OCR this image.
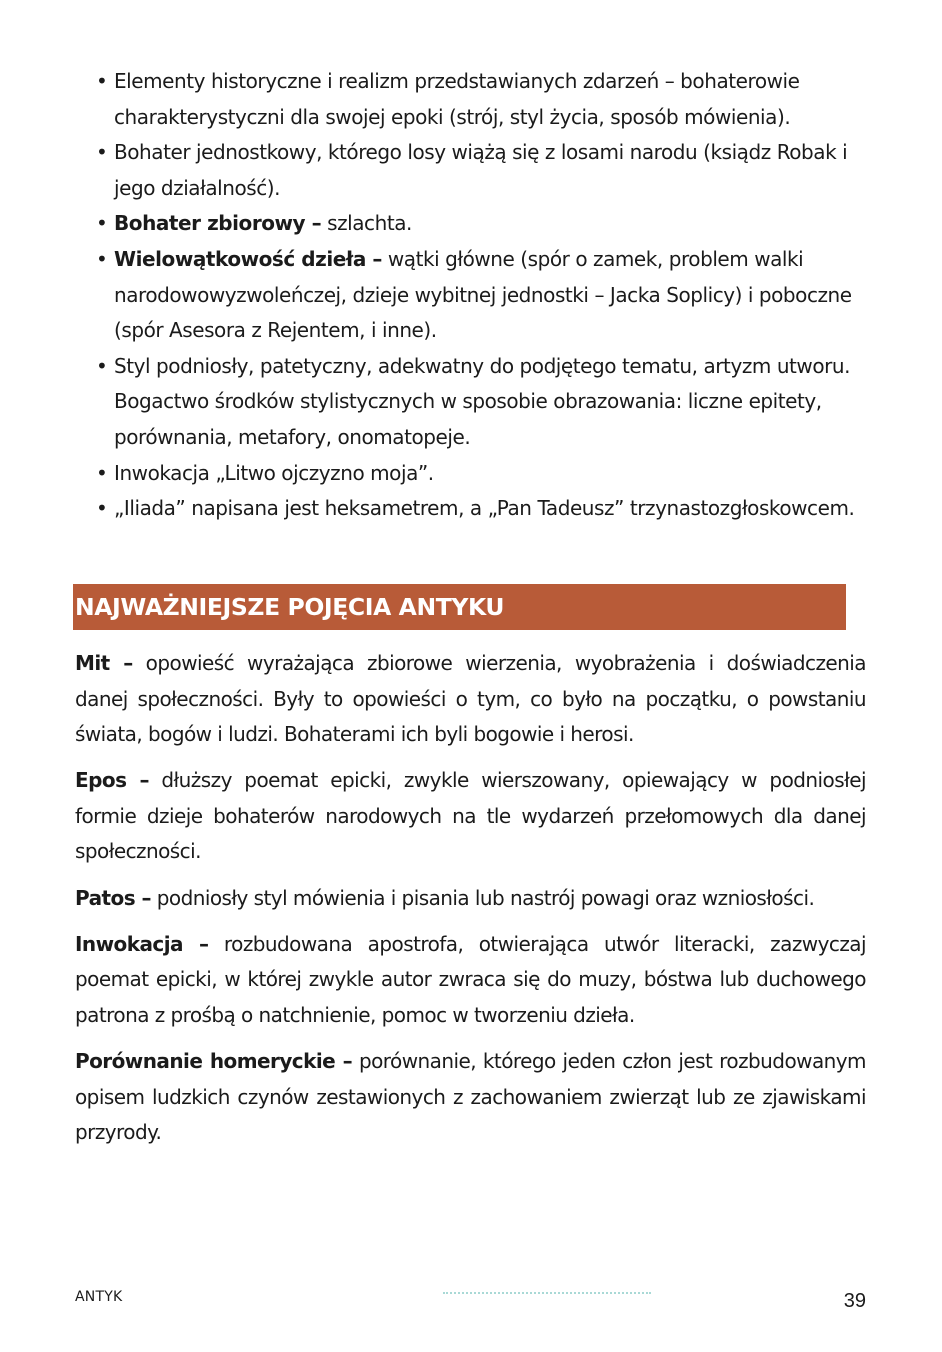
• Elementy historyczne i realizm przedstawianych zdarzeń – bohaterowie charakterystyczni dla swojej epoki (strój, styl życia, sposób mówienia).
• Bohater jednostkowy, którego losy wiążą się z losami narodu (ksiądz Robak i jego działalność).
• Bohater zbiorowy – szlachta.
• Wielowątkowość dzieła – wątki główne (spór o zamek, problem walki narodowowyzwoleńczej, dzieje wybitnej jednostki – Jacka Soplicy) i poboczne (spór Asesora z Rejentem, i inne).
• Styl podniosły, patetyczny, adekwatny do podjętego tematu, artyzm utworu. Bogactwo środków stylistycznych w sposobie obrazowania: liczne epitety, porównania, metafory, onomatopeje.
• Inwokacja „Litwo ojczyzno moja”.
• „Iliada” napisana jest heksametrem, a „Pan Tadeusz” trzynastozgłoskowcem.
NAJWAŻNIEJSZE POJĘCIA ANTYKU

Mit – opowieść wyrażająca zbiorowe wierzenia, wyobrażenia i doświadczenia danej społeczności. Były to opowieści o tym, co było na początku, o powstaniu świata, bogów i ludzi. Bohaterami ich byli bogowie i herosi.

Epos – dłuższy poemat epicki, zwykle wierszowany, opiewający w podniosłej formie dzieje bohaterów narodowych na tle wydarzeń przełomowych dla danej społeczności.

Patos – podniosły styl mówienia i pisania lub nastrój powagi oraz wzniosłości.

Inwokacja – rozbudowana apostrofa, otwierająca utwór literacki, zazwyczaj poemat epicki, w której zwykle autor zwraca się do muzy, bóstwa lub duchowego patrona z prośbą o natchnienie, pomoc w tworzeniu dzieła.

Porównanie homeryckie – porównanie, którego jeden człon jest rozbudowanym opisem ludzkich czynów zestawionych z zachowaniem zwierząt lub ze zjawiskami przyrody.

ANTYK	39
